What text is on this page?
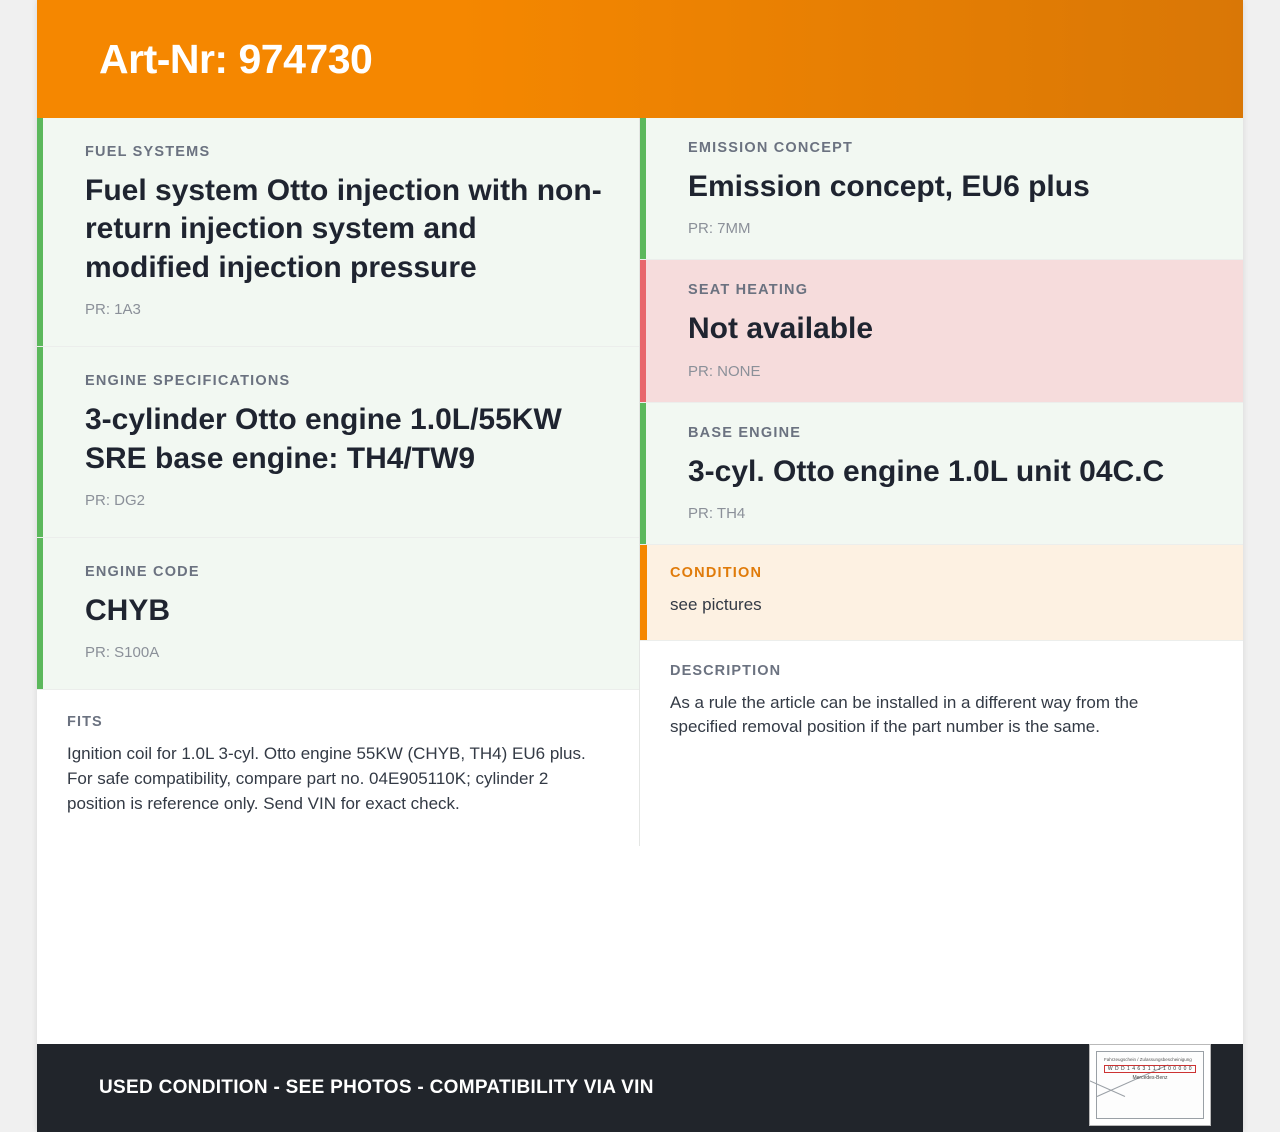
Art-Nr: 974730
FUEL SYSTEMS
Fuel system Otto injection with non-return injection system and modified injection pressure
PR: 1A3
ENGINE SPECIFICATIONS
3-cylinder Otto engine 1.0L/55KW SRE base engine: TH4/TW9
PR: DG2
ENGINE CODE
CHYB
PR: S100A
FITS
Ignition coil for 1.0L 3-cyl. Otto engine 55KW (CHYB, TH4) EU6 plus. For safe compatibility, compare part no. 04E905110K; cylinder 2 position is reference only. Send VIN for exact check.
EMISSION CONCEPT
Emission concept, EU6 plus
PR: 7MM
SEAT HEATING
Not available
PR: NONE
BASE ENGINE
3-cyl. Otto engine 1.0L unit 04C.C
PR: TH4
CONDITION
see pictures
DESCRIPTION
As a rule the article can be installed in a different way from the specified removal position if the part number is the same.
USED CONDITION - SEE PHOTOS - COMPATIBILITY VIA VIN
Fahrzeugschein / Zulassungsbescheinigung
W D D 1 4 6 3 1 1 J 1 0 0 0 0 0
Mercedes-Benz
